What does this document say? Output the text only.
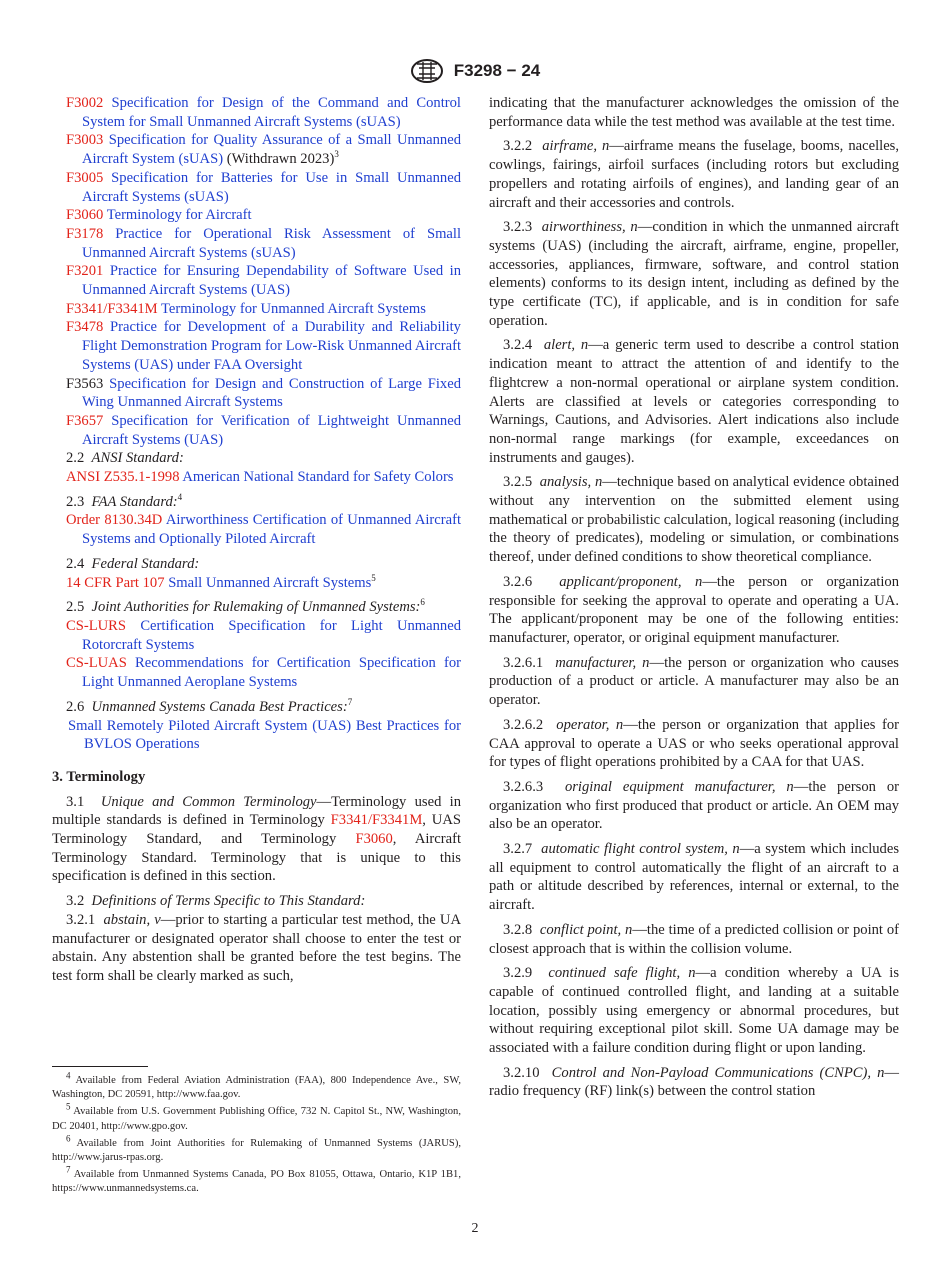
F3298 − 24

F3002 Specification for Design of the Command and Control System for Small Unmanned Aircraft Systems (sUAS)

F3003 Specification for Quality Assurance of a Small Unmanned Aircraft System (sUAS) (Withdrawn 2023)$^3$

F3005 Specification for Batteries for Use in Small Unmanned Aircraft Systems (sUAS)

F3060 Terminology for Aircraft

F3178 Practice for Operational Risk Assessment of Small Unmanned Aircraft Systems (sUAS)

F3201 Practice for Ensuring Dependability of Software Used in Unmanned Aircraft Systems (UAS)

F3341/F3341M Terminology for Unmanned Aircraft Systems

F3478 Practice for Development of a Durability and Reliability Flight Demonstration Program for Low-Risk Unmanned Aircraft Systems (UAS) under FAA Oversight

F3563 Specification for Design and Construction of Large Fixed Wing Unmanned Aircraft Systems

F3657 Specification for Verification of Lightweight Unmanned Aircraft Systems (UAS)

2.2 ANSI Standard:

ANSI Z535.1-1998 American National Standard for Safety Colors

2.3 FAA Standard:$^4$

Order 8130.34D Airworthiness Certification of Unmanned Aircraft Systems and Optionally Piloted Aircraft

2.4 Federal Standard:

14 CFR Part 107 Small Unmanned Aircraft Systems$^5$

2.5 Joint Authorities for Rulemaking of Unmanned Systems:$^6$

CS-LURS Certification Specification for Light Unmanned Rotorcraft Systems

CS-LUAS Recommendations for Certification Specification for Light Unmanned Aeroplane Systems

2.6 Unmanned Systems Canada Best Practices:$^7$

Small Remotely Piloted Aircraft System (UAS) Best Practices for BVLOS Operations

3. Terminology

3.1 Unique and Common Terminology—Terminology used in multiple standards is defined in Terminology F3341/F3341M, UAS Terminology Standard, and Terminology F3060, Aircraft Terminology Standard. Terminology that is unique to this specification is defined in this section.

3.2 Definitions of Terms Specific to This Standard:

3.2.1 abstain, v—prior to starting a particular test method, the UA manufacturer or designated operator shall choose to enter the test or abstain. Any abstention shall be granted before the test begins. The test form shall be clearly marked as such,

$^4$ Available from Federal Aviation Administration (FAA), 800 Independence Ave., SW, Washington, DC 20591, http://www.faa.gov.

$^5$ Available from U.S. Government Publishing Office, 732 N. Capitol St., NW, Washington, DC 20401, http://www.gpo.gov.

$^6$ Available from Joint Authorities for Rulemaking of Unmanned Systems (JARUS), http://www.jarus-rpas.org.

$^7$ Available from Unmanned Systems Canada, PO Box 81055, Ottawa, Ontario, K1P 1B1, https://www.unmannedsystems.ca.

indicating that the manufacturer acknowledges the omission of the performance data while the test method was available at the test time.

3.2.2 airframe, n—airframe means the fuselage, booms, nacelles, cowlings, fairings, airfoil surfaces (including rotors but excluding propellers and rotating airfoils of engines), and landing gear of an aircraft and their accessories and controls.

3.2.3 airworthiness, n—condition in which the unmanned aircraft systems (UAS) (including the aircraft, airframe, engine, propeller, accessories, appliances, firmware, software, and control station elements) conforms to its design intent, including as defined by the type certificate (TC), if applicable, and is in condition for safe operation.

3.2.4 alert, n—a generic term used to describe a control station indication meant to attract the attention of and identify to the flightcrew a non-normal operational or airplane system condition. Alerts are classified at levels or categories corresponding to Warnings, Cautions, and Advisories. Alert indications also include non-normal range markings (for example, exceedances on instruments and gauges).

3.2.5 analysis, n—technique based on analytical evidence obtained without any intervention on the submitted element using mathematical or probabilistic calculation, logical reasoning (including the theory of predicates), modeling or simulation, or combinations thereof, under defined conditions to show theoretical compliance.

3.2.6 applicant/proponent, n—the person or organization responsible for seeking the approval to operate and operating a UA. The applicant/proponent may be one of the following entities: manufacturer, operator, or original equipment manufacturer.

3.2.6.1 manufacturer, n—the person or organization who causes production of a product or article. A manufacturer may also be an operator.

3.2.6.2 operator, n—the person or organization that applies for CAA approval to operate a UAS or who seeks operational approval for types of flight operations prohibited by a CAA for that UAS.

3.2.6.3 original equipment manufacturer, n—the person or organization who first produced that product or article. An OEM may also be an operator.

3.2.7 automatic flight control system, n—a system which includes all equipment to control automatically the flight of an aircraft to a path or altitude described by references, internal or external, to the aircraft.

3.2.8 conflict point, n—the time of a predicted collision or point of closest approach that is within the collision volume.

3.2.9 continued safe flight, n—a condition whereby a UA is capable of continued controlled flight, and landing at a suitable location, possibly using emergency or abnormal procedures, but without requiring exceptional pilot skill. Some UA damage may be associated with a failure condition during flight or upon landing.

3.2.10 Control and Non-Payload Communications (CNPC), n—radio frequency (RF) link(s) between the control station

2
